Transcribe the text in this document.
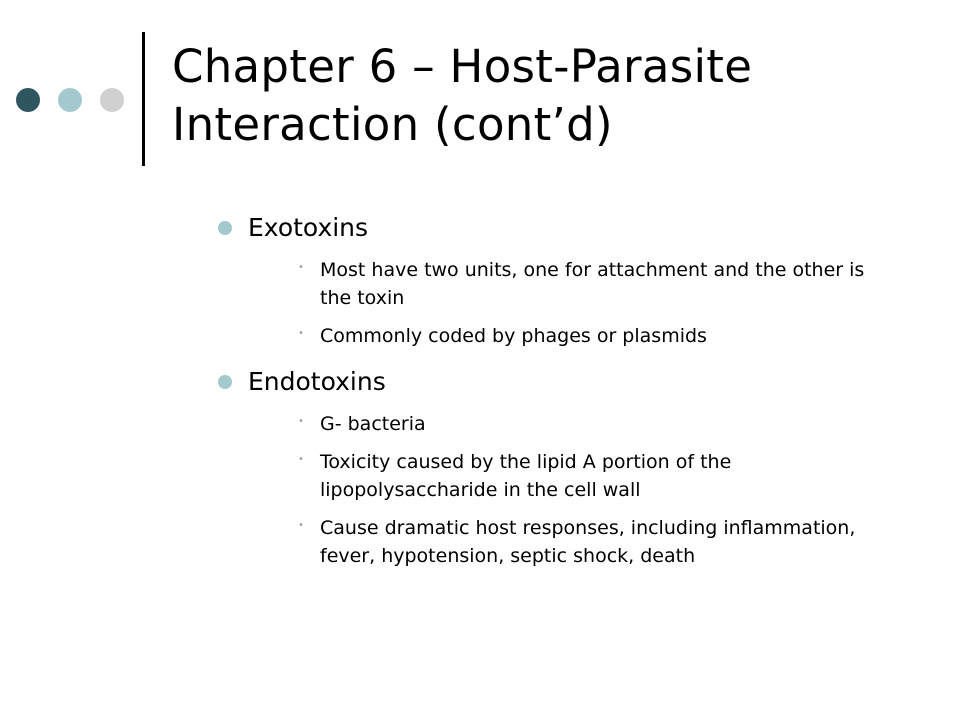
Chapter 6 – Host-Parasite Interaction (cont’d)
Exotoxins
• Most have two units, one for attachment and the other is the toxin
• Commonly coded by phages or plasmids
Endotoxins
• G- bacteria
• Toxicity caused by the lipid A portion of the lipopolysaccharide in the cell wall
• Cause dramatic host responses, including inflammation, fever, hypotension, septic shock, death
